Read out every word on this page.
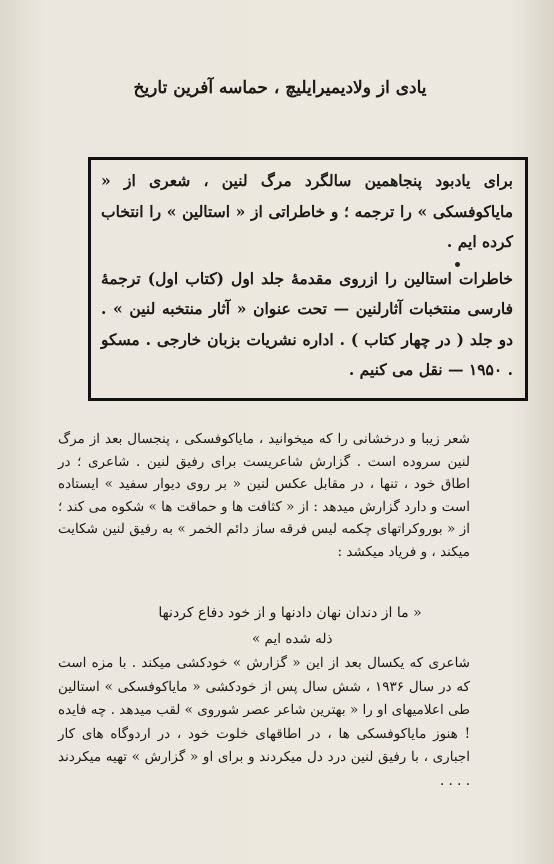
یادی از ولادیمیرایلیچ ، حماسه آفرین تاریخ

برای یادبود پنجاهمین سالگرد مرگ لنین ، شعری از « مایاکوفسکی » را ترجمه ؛ و خاطراتی از « استالین » را انتخاب کرده ایم .

خاطرات استالین را ازروی مقدمهٔ جلد اول (کتاب اول) ترجمهٔ فارسی منتخبات آثارلنین — تحت عنوان « آثار منتخبه لنین » . دو جلد ( در چهار کتاب ) . اداره نشریات بزبان خارجی . مسکو . ۱۹۵۰ — نقل می کنیم .

شعر زیبا و درخشانی را که میخوانید ، مایاکوفسکی ، پنجسال بعد از مرگ لنین سروده است . گزارش شاعریست برای رفیق لنین . شاعری ؛ در اطاق خود ، تنها ، در مقابل عکس لنین « بر روی دیوار سفید » ایستاده است و دارد گزارش میدهد : از « کثافت ها و حماقت ها » شکوه می کند ؛ از « بوروکراتهای چکمه لیس فرقه ساز دائم الخمر » به رفیق لنین شکایت میکند ، و فریاد میکشد :

« ما از دندان نهان دادنها و از خود دفاع کردنها
ذله شده ایم »

شاعری که یکسال بعد از این « گزارش » خودکشی میکند . با مزه است که در سال ۱۹۳۶ ، شش سال پس از خودکشی « مایاکوفسکی » استالین طی اعلامیهای او را « بهترین شاعر عصر شوروی » لقب میدهد . چه فایده ! هنوز مایاکوفسکی ها ، در اطاقهای خلوت خود ، در اردوگاه های کار اجباری ، با رفیق لنین درد دل میکردند و برای او « گزارش » تهیه میکردند . . . .
